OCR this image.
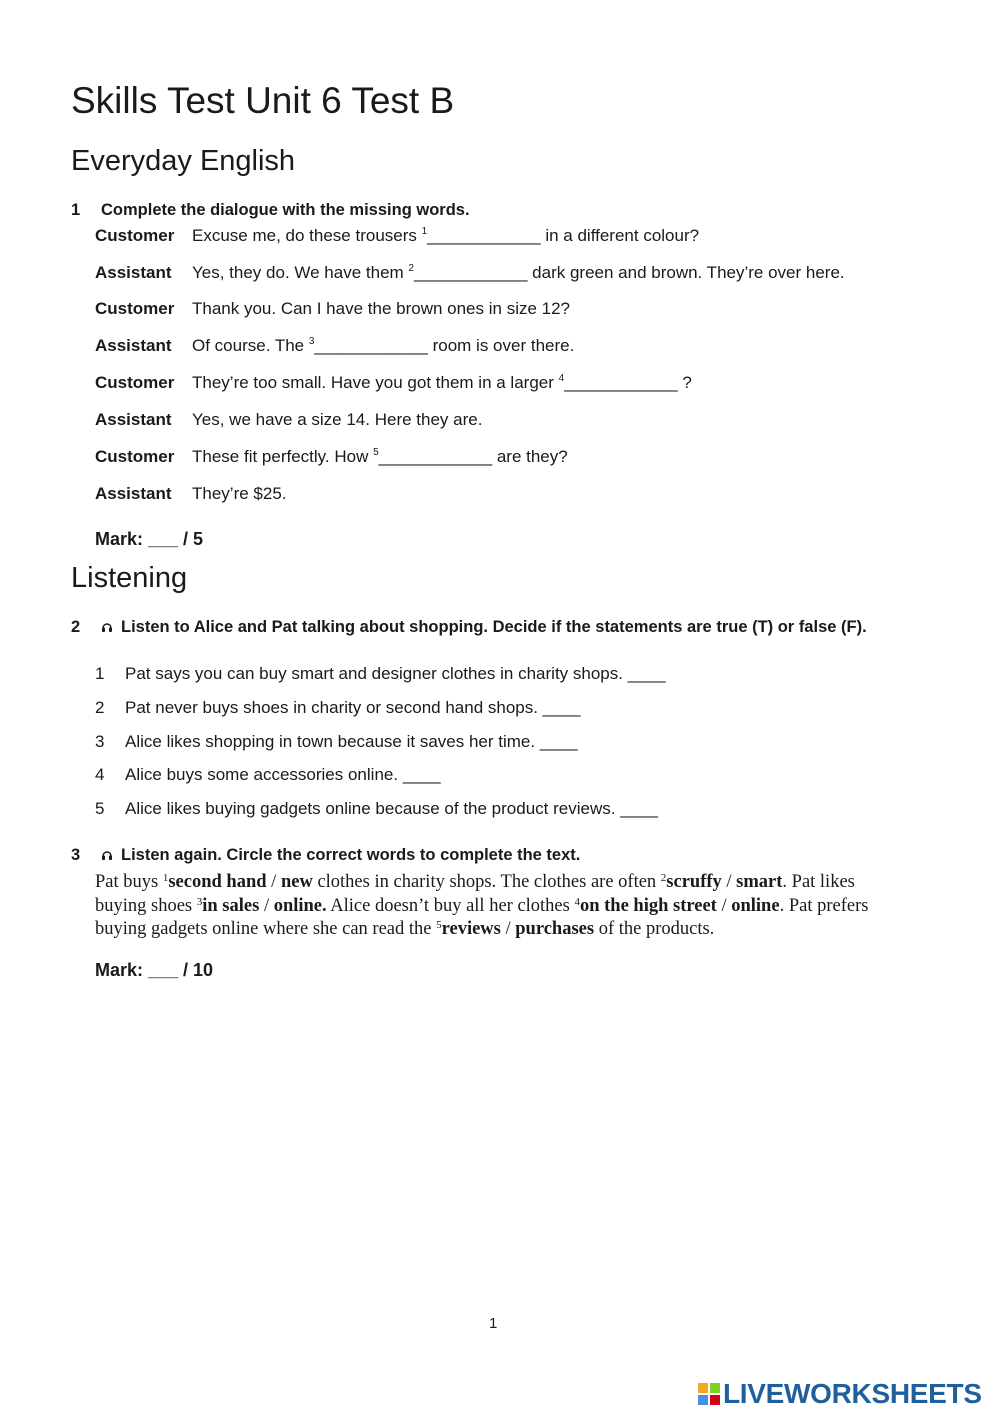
Skills Test Unit 6 Test B
Everyday English
1 Complete the dialogue with the missing words.
Customer Excuse me, do these trousers $^1$____________ in a different colour?
Assistant Yes, they do. We have them $^2$____________ dark green and brown. They’re over here.
Customer Thank you. Can I have the brown ones in size 12?
Assistant Of course. The $^3$____________ room is over there.
Customer They’re too small. Have you got them in a larger $^4$____________ ?
Assistant Yes, we have a size 14. Here they are.
Customer These fit perfectly. How $^5$____________ are they?
Assistant They’re $25.
Mark: ___ / 5
Listening
2	Listen to Alice and Pat talking about shopping. Decide if the statements are true (T) or false (F).
1 Pat says you can buy smart and designer clothes in charity shops. ____
2 Pat never buys shoes in charity or second hand shops. ____
3 Alice likes shopping in town because it saves her time. ____
4 Alice buys some accessories online. ____
5 Alice likes buying gadgets online because of the product reviews. ____
3	Listen again. Circle the correct words to complete the text.
Pat buys $^1$second hand / new clothes in charity shops. The clothes are often $^2$scruffy / smart. Pat likes buying shoes $^3$in sales / online. Alice doesn’t buy all her clothes $^4$on the high street / online. Pat prefers buying gadgets online where she can read the $^5$reviews / purchases of the products.
Mark: ___ / 10
1
LIVEWORKSHEETS
